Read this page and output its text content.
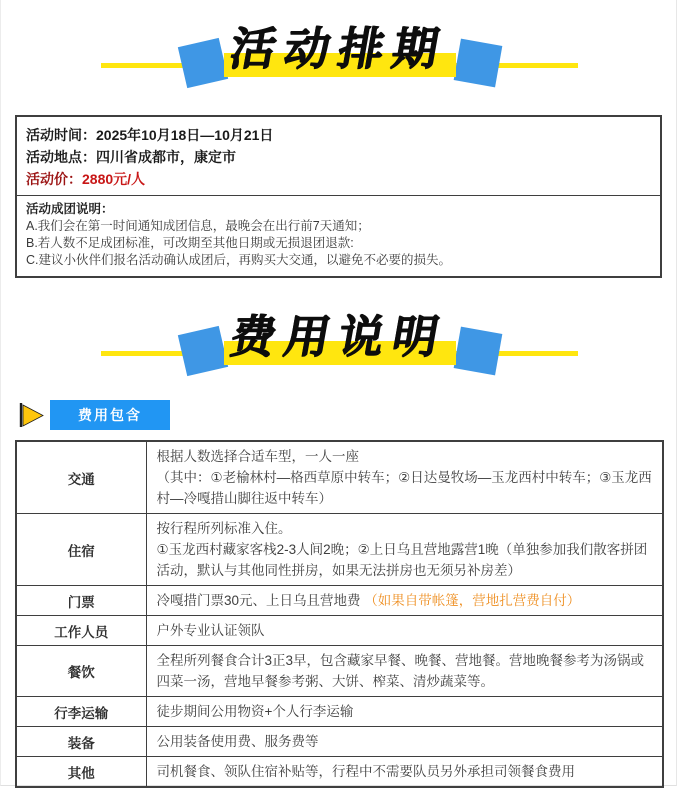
活动排期
活动时间：2025年10月18日—10月21日
活动地点：四川省成都市，康定市
活动价：2880元/人
活动成团说明：
A.我们会在第一时间通知成团信息，最晚会在出行前7天通知；
B.若人数不足成团标准，可改期至其他日期或无损退团退款:
C.建议小伙伴们报名活动确认成团后，再购买大交通，以避免不必要的损失。
费用说明
费用包含
交通	根据人数选择合适车型，一人一座
（其中：①老榆林村—格西草原中转车；②日达曼牧场—玉龙西村中转车；③玉龙西村—冷嘎措山脚往返中转车）

住宿	按行程所列标准入住。
①玉龙西村藏家客栈2-3人间2晚；②上日乌且营地露营1晚（单独参加我们散客拼团活动，默认与其他同性拼房，如果无法拼房也无须另补房差）

门票	冷嘎措门票30元、上日乌且营地费 （如果自带帐篷，营地扎营费自付）
工作人员	户外专业认证领队
餐饮	全程所列餐食合计3正3早，包含藏家早餐、晚餐、营地餐。营地晚餐参考为汤锅或四菜一汤，营地早餐参考粥、大饼、榨菜、清炒蔬菜等。
行李运输	徒步期间公用物资+个人行李运输
装备	公用装备使用费、服务费等
其他	司机餐食、领队住宿补贴等，行程中不需要队员另外承担司领餐食费用
